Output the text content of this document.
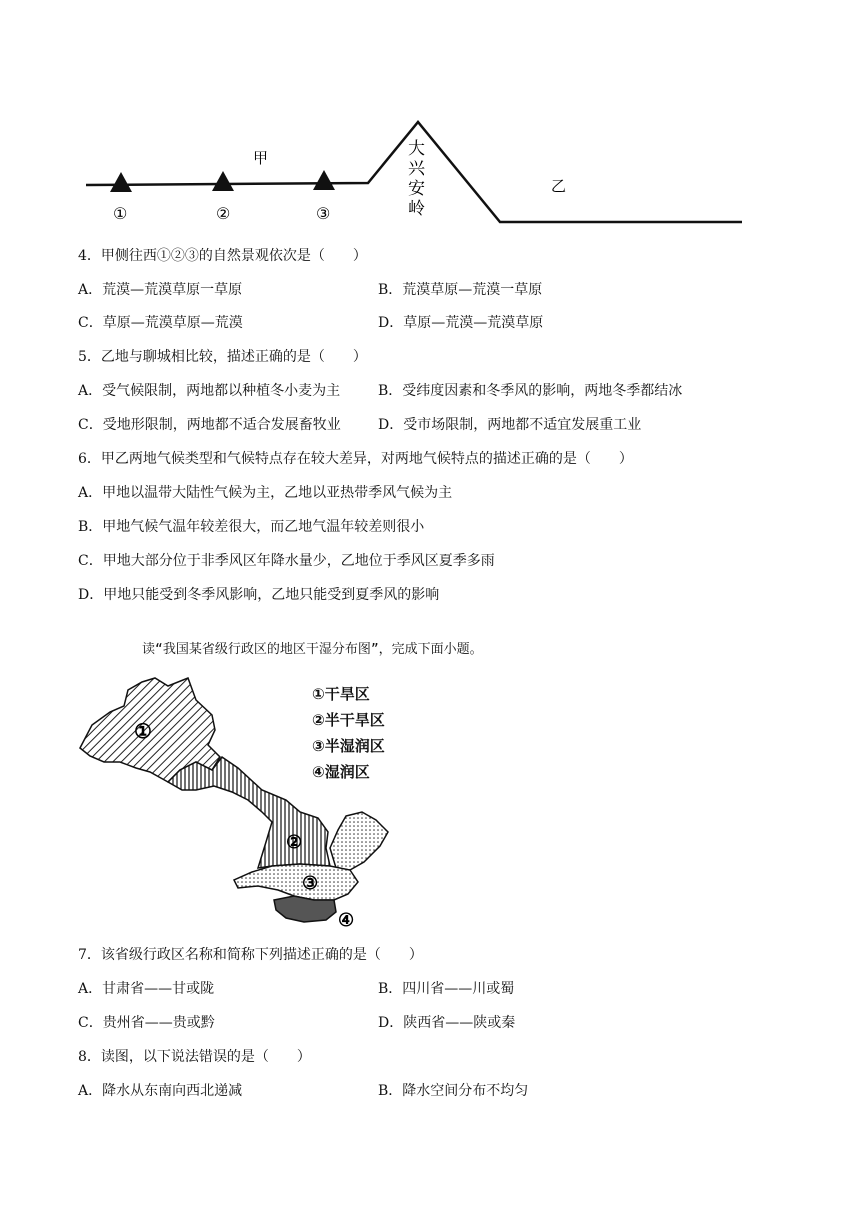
甲
乙
大
兴
安
岭
①	②	③
4．甲侧往西①②③的自然景观依次是（　　）
A．荒漠—荒漠草原一草原	B．荒漠草原—荒漠一草原
C．草原—荒漠草原—荒漠	D．草原—荒漠—荒漠草原
5．乙地与聊城相比较，描述正确的是（　　）
A．受气候限制，两地都以种植冬小麦为主	B．受纬度因素和冬季风的影响，两地冬季都结冰
C．受地形限制，两地都不适合发展畜牧业	D．受市场限制，两地都不适宜发展重工业
6．甲乙两地气候类型和气候特点存在较大差异，对两地气候特点的描述正确的是（　　）
A．甲地以温带大陆性气候为主，乙地以亚热带季风气候为主
B．甲地气候气温年较差很大，而乙地气温年较差则很小
C．甲地大部分位于非季风区年降水量少，乙地位于季风区夏季多雨
D．甲地只能受到冬季风影响，乙地只能受到夏季风的影响
读“我国某省级行政区的地区干湿分布图”，完成下面小题。
①
②
③
④
①干旱区
②半干旱区
③半湿润区
④湿润区
7．该省级行政区名称和简称下列描述正确的是（　　）
A．甘肃省——甘或陇	B．四川省——川或蜀
C．贵州省——贵或黔	D．陕西省——陕或秦
8．读图，以下说法错误的是（　　）
A．降水从东南向西北递减	B．降水空间分布不均匀
